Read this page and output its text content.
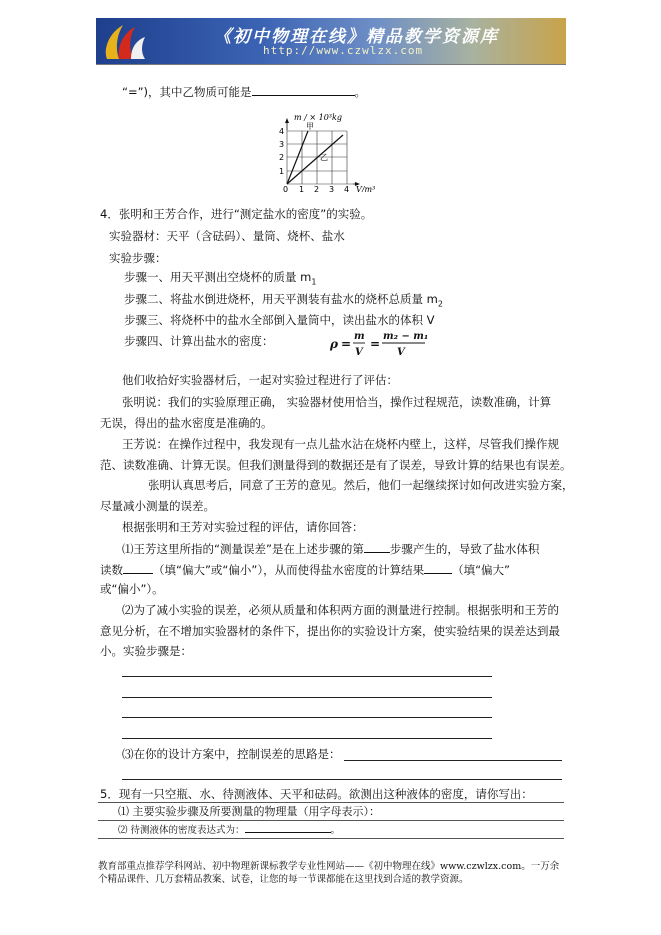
《初中物理在线》精品教学资源库
http://www.czwlzx.com
“=”)，其中乙物质可能是	。
m / × 10³kg
V/m³
4
3
2
1
0 1 2 3 4
甲
乙
4．张明和王芳合作，进行“测定盐水的密度”的实验。
实验器材：天平（含砝码）、量筒、烧杯、盐水
实验步骤：
步骤一、用天平测出空烧杯的质量 $m_1$
步骤二、将盐水倒进烧杯，用天平测装有盐水的烧杯总质量 $m_2$
步骤三、将烧杯中的盐水全部倒入量筒中，读出盐水的体积 V
步骤四、计算出盐水的密度：	ρ =
m
V
=
m₂ − m₁
V
他们收拾好实验器材后，一起对实验过程进行了评估：
张明说：我们的实验原理正确， 实验器材使用恰当，操作过程规范，读数准确，计算
无误，得出的盐水密度是准确的。
王芳说：在操作过程中，我发现有一点儿盐水沾在烧杯内壁上，这样，尽管我们操作规
范、读数准确、计算无误。但我们测量得到的数据还是有了误差，导致计算的结果也有误差。
张明认真思考后，同意了王芳的意见。然后，他们一起继续探讨如何改进实验方案，
尽量减小测量的误差。
根据张明和王芳对实验过程的评估，请你回答：
⑴王芳这里所指的“测量误差”是在上述步骤的第 步骤产生的，导致了盐水体积
读数	（填“偏大”或“偏小”），从而使得盐水密度的计算结果 （填“偏大”
或“偏小”）。
⑵为了减小实验的误差，必须从质量和体积两方面的测量进行控制。根据张明和王芳的
意见分析，在不增加实验器材的条件下，提出你的实验设计方案，使实验结果的误差达到最
小。实验步骤是：
⑶在你的设计方案中，控制误差的思路是：
5．现有一只空瓶、水、待测液体、天平和砝码。欲测出这种液体的密度，请你写出：
⑴ 主要实验步骤及所要测量的物理量（用字母表示）：
⑵ 待测液体的密度表达式为：	。
教育部重点推荐学科网站、初中物理新课标教学专业性网站——《初中物理在线》www.czwlzx.com。一万余个精品课件、几万套精品教案、试卷，让您的每一节课都能在这里找到合适的教学资源。
